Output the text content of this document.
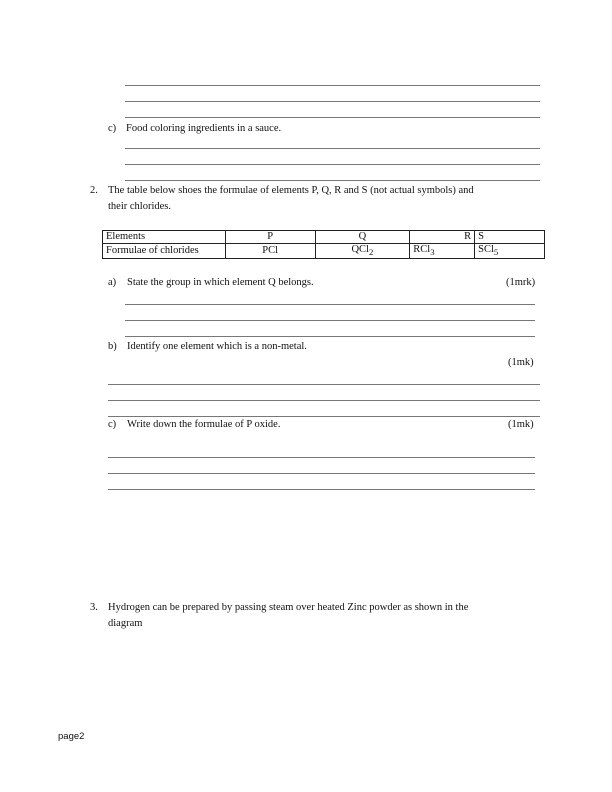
c) Food coloring ingredients in a sauce.
2. The table below shoes the formulae of elements P, Q, R and S (not actual symbols) and
their chlorides.
Elements	P	Q	R	S
Formulae of chlorides	PCl	QCl$_2$	RCl$_3$	SCl$_5$
a) State the group in which element Q belongs.	(1mrk)
b) Identify one element which is a non-metal.
(1mk)
c) Write down the formulae of P oxide.	(1mk)
3. Hydrogen can be prepared by passing steam over heated Zinc powder as shown in the
diagram
page2
